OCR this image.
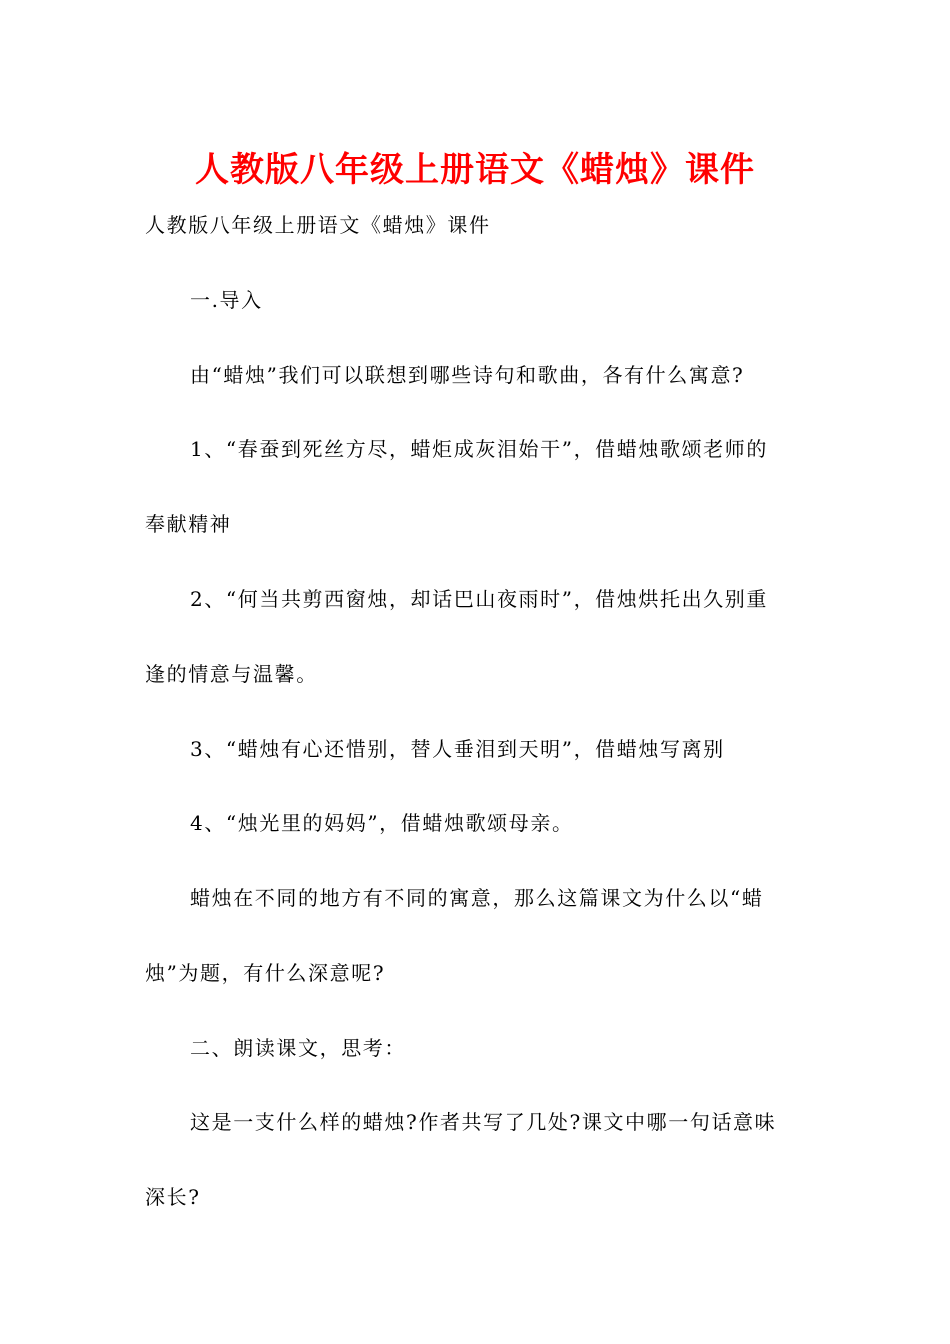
人教版八年级上册语文《蜡烛》课件
人教版八年级上册语文《蜡烛》课件
一.导入
由“蜡烛”我们可以联想到哪些诗句和歌曲，各有什么寓意?
1、“春蚕到死丝方尽，蜡炬成灰泪始干”，借蜡烛歌颂老师的
奉献精神
2、“何当共剪西窗烛，却话巴山夜雨时”，借烛烘托出久别重
逢的情意与温馨。
3、“蜡烛有心还惜别，替人垂泪到天明”，借蜡烛写离别
4、“烛光里的妈妈”，借蜡烛歌颂母亲。
蜡烛在不同的地方有不同的寓意，那么这篇课文为什么以“蜡
烛”为题，有什么深意呢?
二、朗读课文，思考：
这是一支什么样的蜡烛?作者共写了几处?课文中哪一句话意味
深长?
